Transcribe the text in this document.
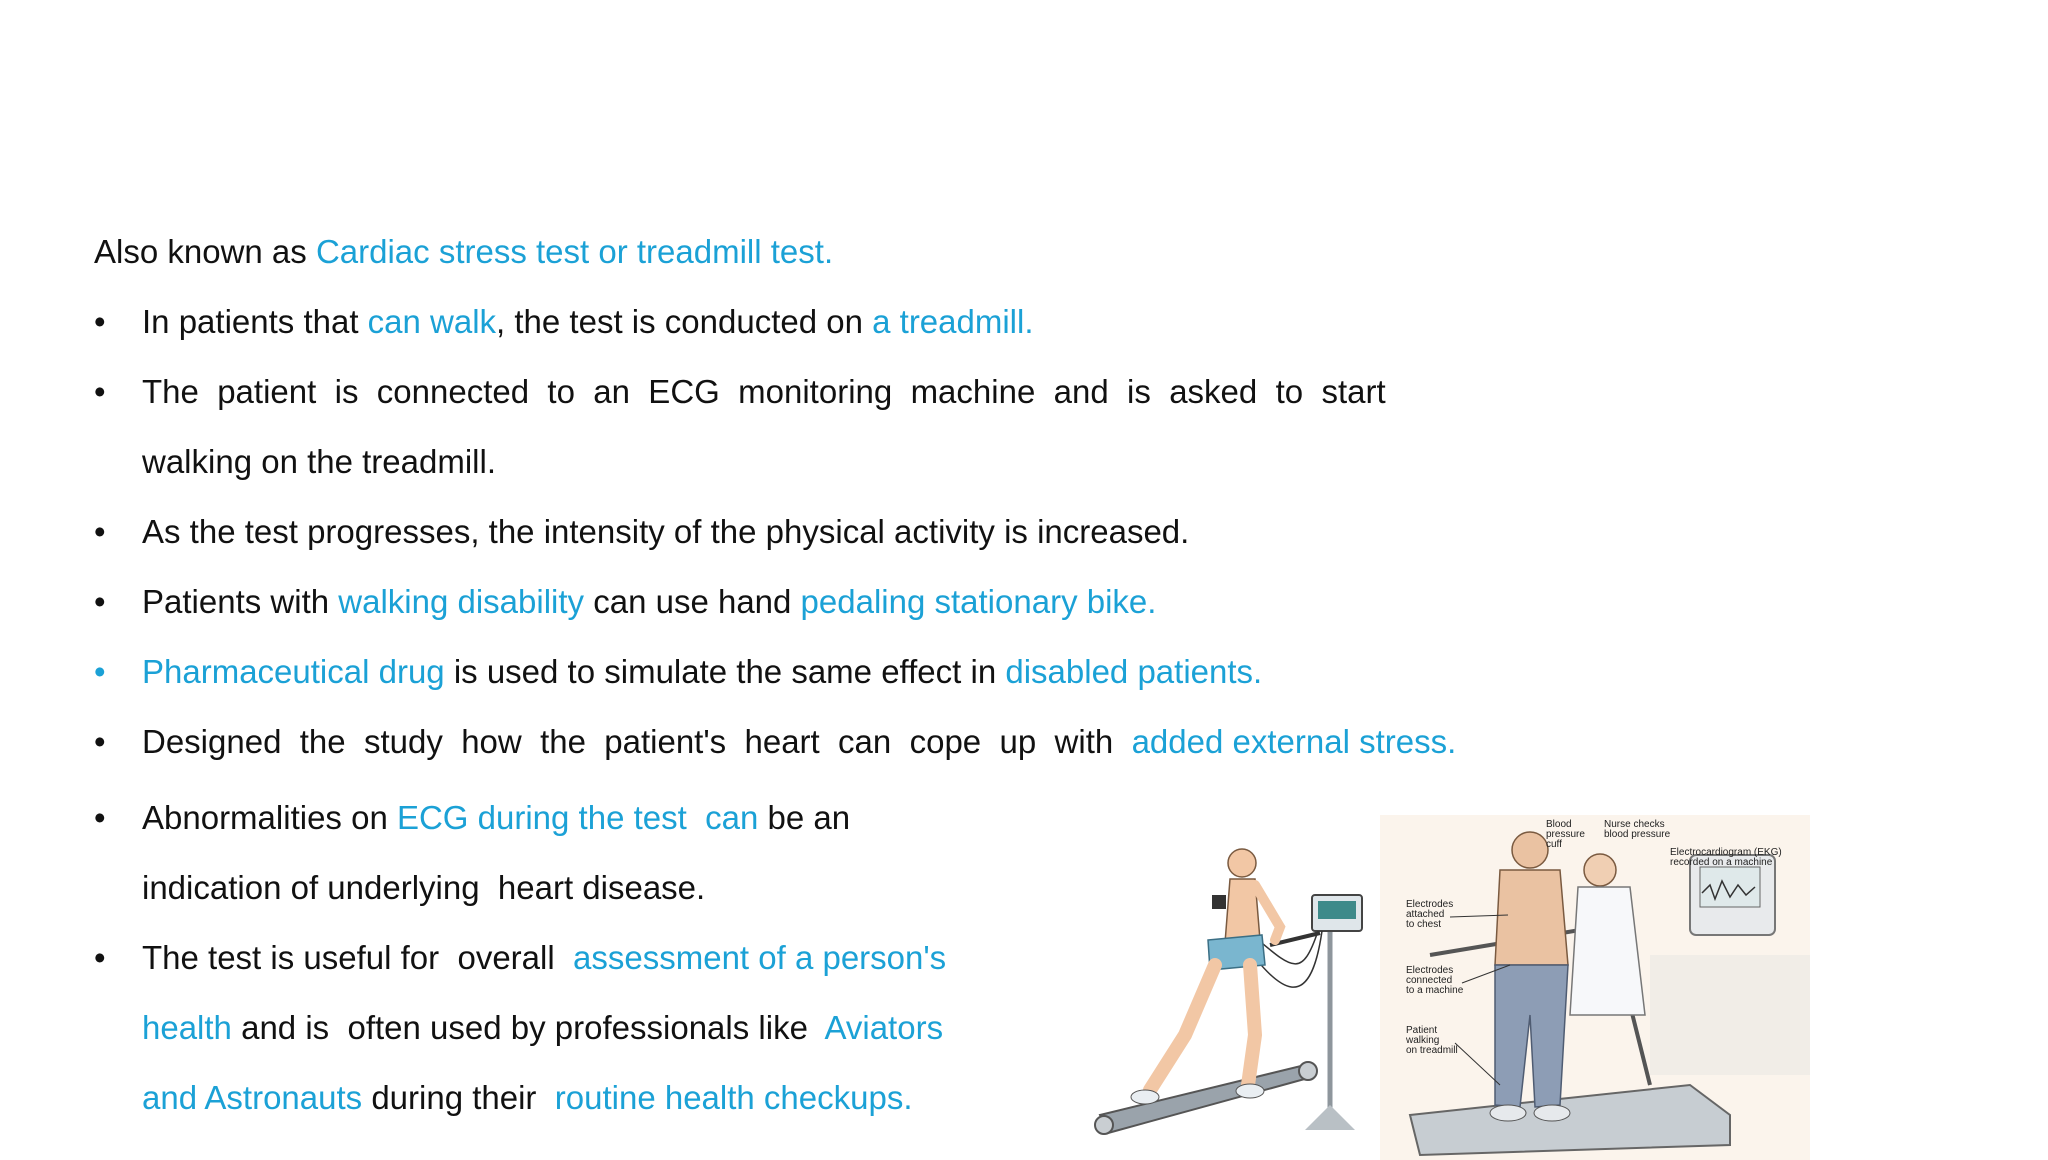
Also known as Cardiac stress test or treadmill test.
• In patients that can walk, the test is conducted on a treadmill.
• The  patient  is  connected  to  an  ECG  monitoring  machine  and  is  asked  to  start
walking on the treadmill.
• As the test progresses, the intensity of the physical activity is increased.
• Patients with walking disability can use hand pedaling stationary bike.
• Pharmaceutical drug is used to simulate the same effect in disabled patients.
• Designed  the  study  how  the  patient's  heart  can  cope  up  with  added external stress.
• Abnormalities on ECG during the test  can be an
indication of underlying  heart disease.
• The test is useful for  overall  assessment of a person's
health and is  often used by professionals like  Aviators
and Astronauts during their  routine health checkups.
Blood
pressure
cuff
Nurse checks
blood pressure
Electrocardiogram (EKG)
recorded on a machine
Electrodes
attached
to chest
Electrodes
connected
to a machine
Patient
walking
on treadmill
